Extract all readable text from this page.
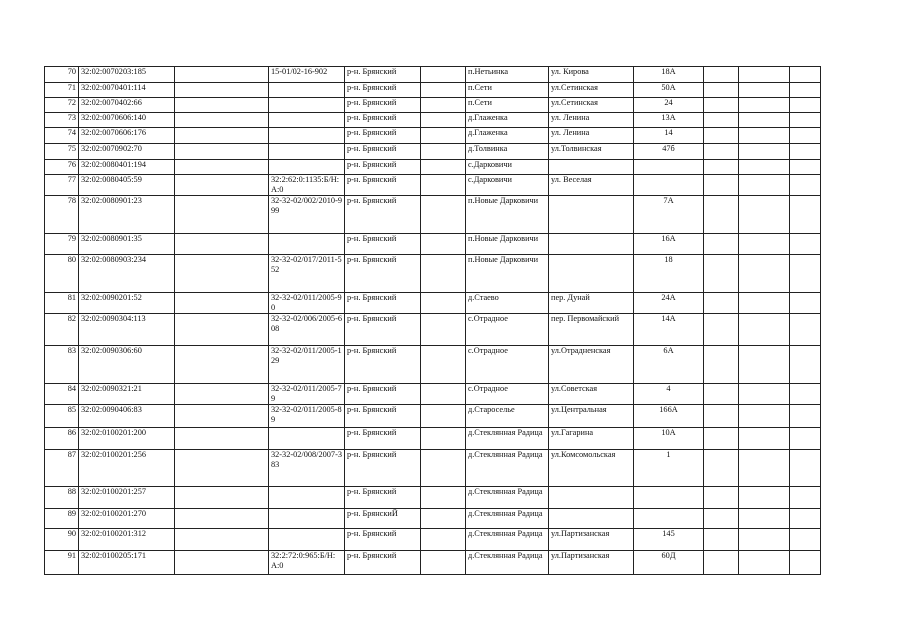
70	32:02:0070203:185		15-01/02-16-902	р-н. Брянский		п.Нетьинка	ул. Кирова	18А			
71	32:02:0070401:114			р-н. Брянский		п.Сети	ул.Сетинская	50А			
72	32:02:0070402:66			р-н. Брянский		п.Сети	ул.Сетинская	24			
73	32:02:0070606:140			р-н. Брянский		д.Глаженка	ул. Ленина	13А			
74	32:02:0070606:176			р-н. Брянский		д.Глаженка	ул. Ленина	14			
75	32:02:0070902:70			р-н. Брянский		д.Толвинка	ул.Толвинская	47б			
76	32:02:0080401:194			р-н. Брянский		с.Дарковичи					
77	32:02:0080405:59		32:2:62:0:1135:Б/Н:А:0	р-н. Брянский		с.Дарковичи	ул. Веселая				
78	32:02:0080901:23		32-32-02/002/2010-999	р-н. Брянский		п.Новые Дарковичи		7А			
79	32:02:0080901:35			р-н. Брянский		п.Новые Дарковичи		16А			
80	32:02:0080903:234		32-32-02/017/2011-552	р-н. Брянский		п.Новые Дарковичи		18			
81	32:02:0090201:52		32-32-02/011/2005-90	р-н. Брянский		д.Стаево	пер. Дунай	24А			
82	32:02:0090304:113		32-32-02/006/2005-608	р-н. Брянский		с.Отрадное	пер. Первомайский	14А			
83	32:02:0090306:60		32-32-02/011/2005-129	р-н. Брянский		с.Отрадное	ул.Отрадненская	6А			
84	32:02:0090321:21		32-32-02/011/2005-79	р-н. Брянский		с.Отрадное	ул.Советская	4			
85	32:02:0090406:83		32-32-02/011/2005-89	р-н. Брянский		д.Староселье	ул.Центральная	166А			
86	32:02:0100201:200			р-н. Брянский		д.Стеклянная Радица	ул.Гагарина	10А			
87	32:02:0100201:256		32-32-02/008/2007-383	р-н. Брянский		д.Стеклянная Радица	ул.Комсомольская	1			
88	32:02:0100201:257			р-н. Брянский		д.Стеклянная Радица					
89	32:02:0100201:270			р-н. БрянскиЙ		д.Стеклянная Радица					
90	32:02:0100201:312			р-н. Брянский		д.Стеклянная Радица	ул.Партизанская	145			
91	32:02:0100205:171		32:2:72:0:965:Б/Н:А:0	р-н. Брянский		д.Стеклянная Радица	ул.Партизанская	60Д			
